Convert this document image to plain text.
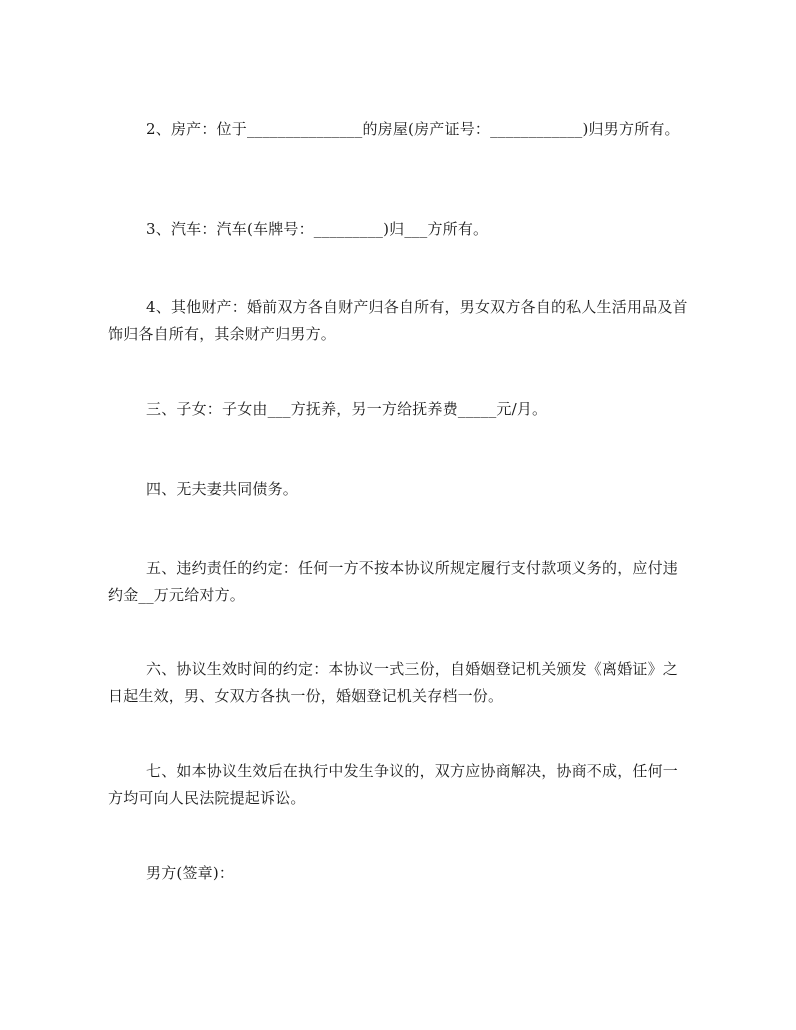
2、房产：位于_______________的房屋(房产证号：____________)归男方所有。

3、汽车：汽车(车牌号：_________)归___方所有。

4、其他财产：婚前双方各自财产归各自所有，男女双方各自的私人生活用品及首饰归各自所有，其余财产归男方。

三、子女：子女由___方抚养，另一方给抚养费_____元/月。

四、无夫妻共同债务。

五、违约责任的约定：任何一方不按本协议所规定履行支付款项义务的，应付违约金__万元给对方。

六、协议生效时间的约定：本协议一式三份，自婚姻登记机关颁发《离婚证》之日起生效，男、女双方各执一份，婚姻登记机关存档一份。

七、如本协议生效后在执行中发生争议的，双方应协商解决，协商不成，任何一方均可向人民法院提起诉讼。

男方(签章)：
